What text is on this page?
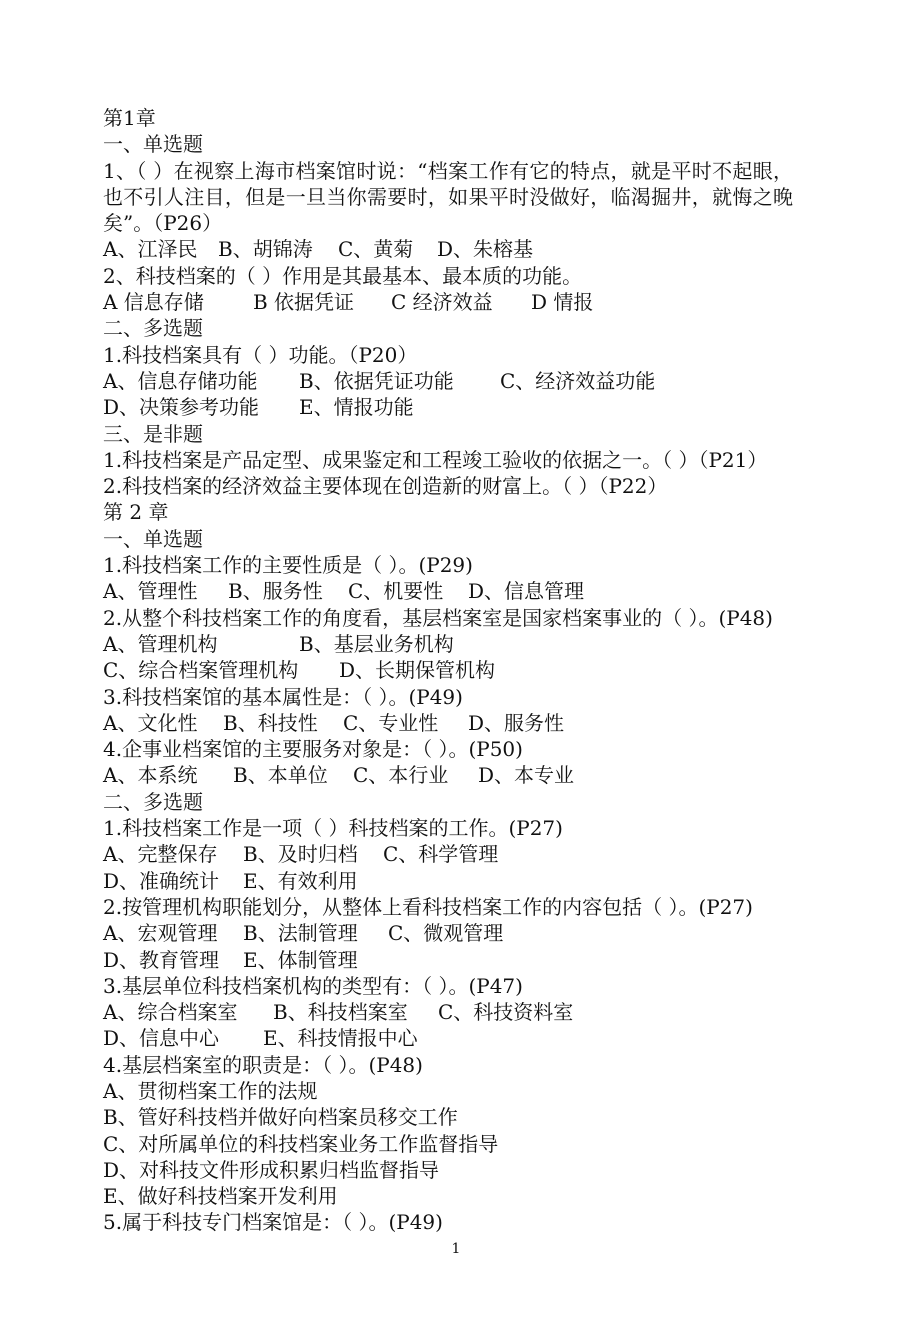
第1章
一、单选题
1、（ ）在视察上海市档案馆时说：“档案工作有它的特点，就是平时不起眼，
也不引人注目，但是一旦当你需要时，如果平时没做好，临渴掘井，就悔之晚
矣”。（P26）
A、江泽民 B、胡锦涛 C、黄菊 D、朱榕基
2、科技档案的（ ）作用是其最基本、最本质的功能。
A 信息存储 B 依据凭证 C 经济效益 D 情报
二、多选题
1.科技档案具有（ ）功能。（P20）
A、信息存储功能 B、依据凭证功能 C、经济效益功能
D、决策参考功能 E、情报功能
三、是非题
1.科技档案是产品定型、成果鉴定和工程竣工验收的依据之一。（ ）（P21）
2.科技档案的经济效益主要体现在创造新的财富上。（ ）（P22）
第 2 章
一、单选题
1.科技档案工作的主要性质是（ ）。(P29)
A、管理性 B、服务性 C、机要性 D、信息管理
2.从整个科技档案工作的角度看，基层档案室是国家档案事业的（ ）。(P48)
A、管理机构	B、基层业务机构
C、综合档案管理机构 D、长期保管机构
3.科技档案馆的基本属性是：（ ）。(P49)
A、文化性 B、科技性 C、专业性 D、服务性
4.企事业档案馆的主要服务对象是：（ ）。(P50)
A、本系统 B、本单位 C、本行业 D、本专业
二、多选题
1.科技档案工作是一项（ ）科技档案的工作。(P27)
A、完整保存 B、及时归档 C、科学管理
D、准确统计 E、有效利用
2.按管理机构职能划分，从整体上看科技档案工作的内容包括（ ）。(P27)
A、宏观管理 B、法制管理 C、微观管理
D、教育管理 E、体制管理
3.基层单位科技档案机构的类型有：（ ）。(P47)
A、综合档案室 B、科技档案室 C、科技资料室
D、信息中心 E、科技情报中心
4.基层档案室的职责是：（ ）。(P48)
A、贯彻档案工作的法规
B、管好科技档并做好向档案员移交工作
C、对所属单位的科技档案业务工作监督指导
D、对科技文件形成积累归档监督指导
E、做好科技档案开发利用
5.属于科技专门档案馆是：（ ）。(P49)
1
